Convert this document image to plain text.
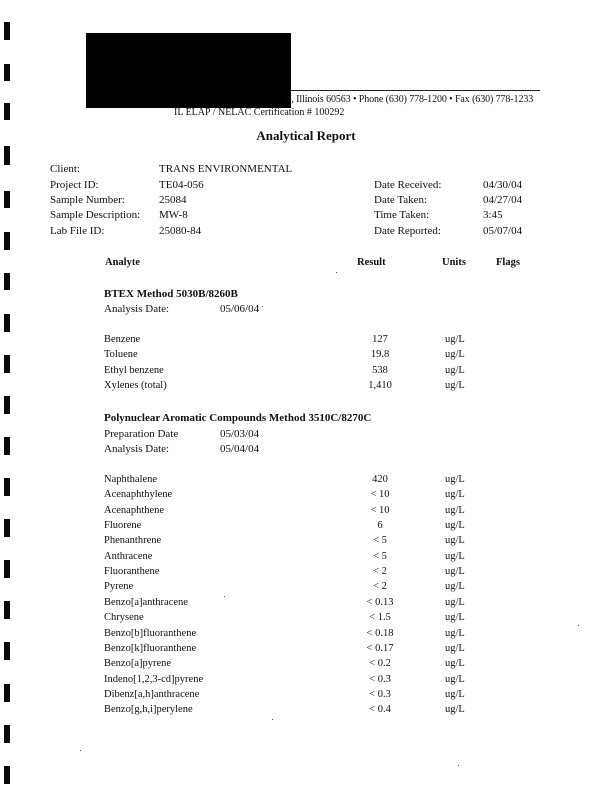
e, Illinois 60563 • Phone (630) 778-1200 • Fax (630) 778-1233
IL ELAP / NELAC Certification # 100292
Analytical Report
Client:	TRANS ENVIRONMENTAL
Project ID:	TE04-056
Sample Number:	25084
Sample Description: MW-8
Lab File ID:	25080-84
Date Received:	04/30/04
Date Taken:	04/27/04
Time Taken:	3:45
Date Reported:	05/07/04
Analyte	Result	Units	Flags
BTEX Method 5030B/8260B
Analysis Date:	05/06/04
Benzene	127	ug/L
Toluene	19.8	ug/L
Ethyl benzene	538	ug/L
Xylenes (total)	1,410	ug/L
Polynuclear Aromatic Compounds Method 3510C/8270C
Preparation Date	05/03/04
Analysis Date:	05/04/04
Naphthalene	420	ug/L
Acenaphthylene	< 10	ug/L
Acenaphthene	< 10	ug/L
Fluorene	6	ug/L
Phenanthrene	< 5	ug/L
Anthracene	< 5	ug/L
Fluoranthene	< 2	ug/L
Pyrene	< 2	ug/L
Benzo[a]anthracene	< 0.13	ug/L
Chrysene	< 1.5	ug/L
Benzo[b]fluoranthene	< 0.18	ug/L
Benzo[k]fluoranthene	< 0.17	ug/L
Benzo[a]pyrene	< 0.2	ug/L
Indeno[1,2,3-cd]pyrene	< 0.3	ug/L
Dibenz[a,h]anthracene	< 0.3	ug/L
Benzo[g,h,i]perylene	< 0.4	ug/L
